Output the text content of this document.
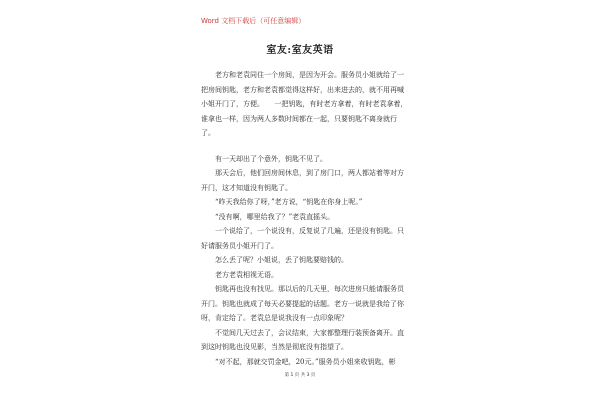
Word 文档下载后（可任意编辑）
室友:室友英语

老方和老袁同住一个房间，是因为开会。服务员小姐就给了一把房间钥匙，老方和老袁都觉得这样好，出来进去的，就不用再喊小姐开门了，方便。　　一把钥匙，有时老方拿着，有时老袁拿着，谁拿也一样，因为两人多数时间都在一起，只要钥匙不离身就行了。

有一天却出了个意外，钥匙不见了。

那天会后，他们回房间休息，到了房门口，两人都站着等对方开门，这才知道没有钥匙了。

“昨天我给你了呀，”老方说，“钥匙在你身上呢。”

“没有啊，哪里给我了？”老袁直摇头。

一个说给了，一个说没有，反复说了几遍，还是没有钥匙。只好请服务员小姐开门了。

怎么丢了呢？小姐说，丢了钥匙要赔钱的。

老方老袁相视无语。

钥匙再也没有找见。那以后的几天里，每次进房只能请服务员开门。钥匙也就成了每天必要提起的话题。老方一说就是我给了你呀，肯定给了。老袁总是说我没有一点印象呢？

不觉间几天过去了，会议结束，大家都整理行装预备离开。直到这时钥匙也没见影，当然是彻底没有指望了。

“对不起，那就交罚金吧，20元。”服务员小姐来收钥匙，彬

第 1 页 共 3 页
